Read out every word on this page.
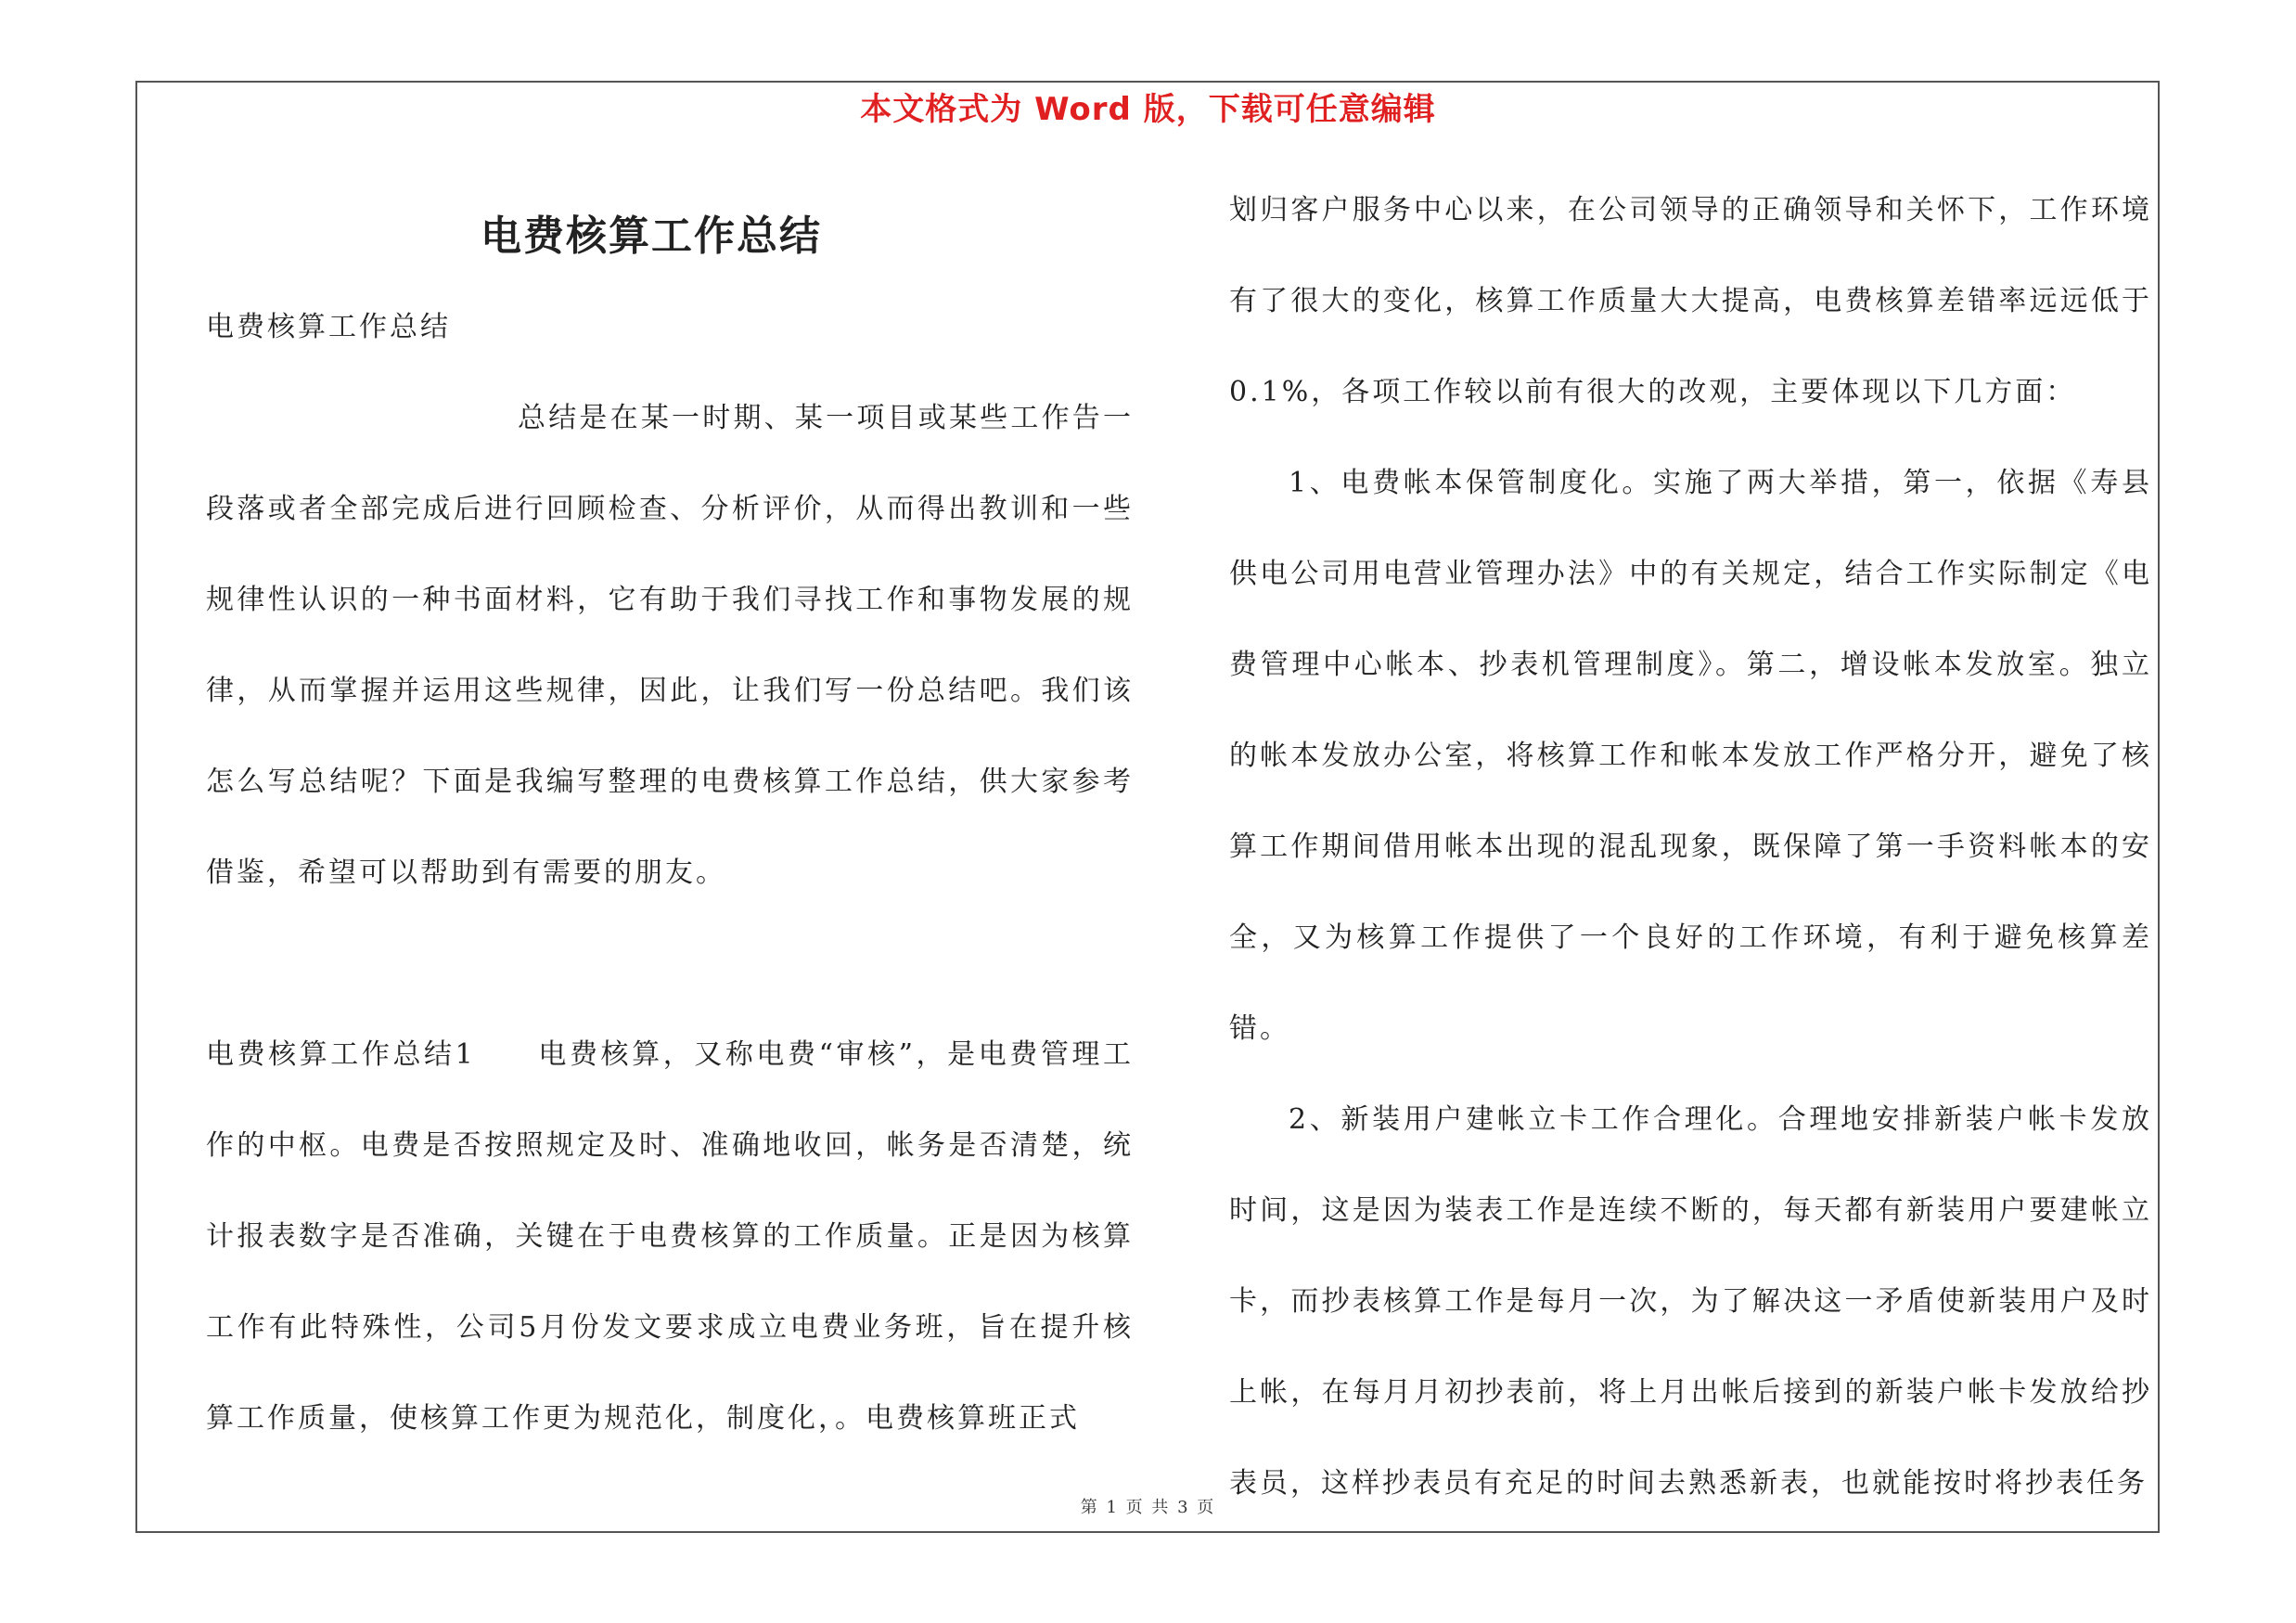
本文格式为 Word 版，下载可任意编辑
电费核算工作总结

电费核算工作总结

总结是在某一时期、某一项目或某些工作告一段落或者全部完成后进行回顾检查、分析评价，从而得出教训和一些规律性认识的一种书面材料，它有助于我们寻找工作和事物发展的规律，从而掌握并运用这些规律，因此，让我们写一份总结吧。我们该怎么写总结呢？下面是我编写整理的电费核算工作总结，供大家参考借鉴，希望可以帮助到有需要的朋友。

电费核算工作总结1　　电费核算，又称电费“审核”，是电费管理工作的中枢。电费是否按照规定及时、准确地收回，帐务是否清楚，统计报表数字是否准确，关键在于电费核算的工作质量。正是因为核算工作有此特殊性，公司5月份发文要求成立电费业务班，旨在提升核算工作质量，使核算工作更为规范化，制度化，。电费核算班正式

划归客户服务中心以来，在公司领导的正确领导和关怀下，工作环境有了很大的变化，核算工作质量大大提高，电费核算差错率远远低于0.1%，各项工作较以前有很大的改观，主要体现以下几方面：

1、电费帐本保管制度化。实施了两大举措，第一，依据《寿县供电公司用电营业管理办法》中的有关规定，结合工作实际制定《电费管理中心帐本、抄表机管理制度》。第二，增设帐本发放室。独立的帐本发放办公室，将核算工作和帐本发放工作严格分开，避免了核算工作期间借用帐本出现的混乱现象，既保障了第一手资料帐本的安全，又为核算工作提供了一个良好的工作环境，有利于避免核算差错。

2、新装用户建帐立卡工作合理化。合理地安排新装户帐卡发放时间，这是因为装表工作是连续不断的，每天都有新装用户要建帐立卡，而抄表核算工作是每月一次，为了解决这一矛盾使新装用户及时上帐，在每月月初抄表前，将上月出帐后接到的新装户帐卡发放给抄表员，这样抄表员有充足的时间去熟悉新表，也就能按时将抄表任务

第 1 页 共 3 页
